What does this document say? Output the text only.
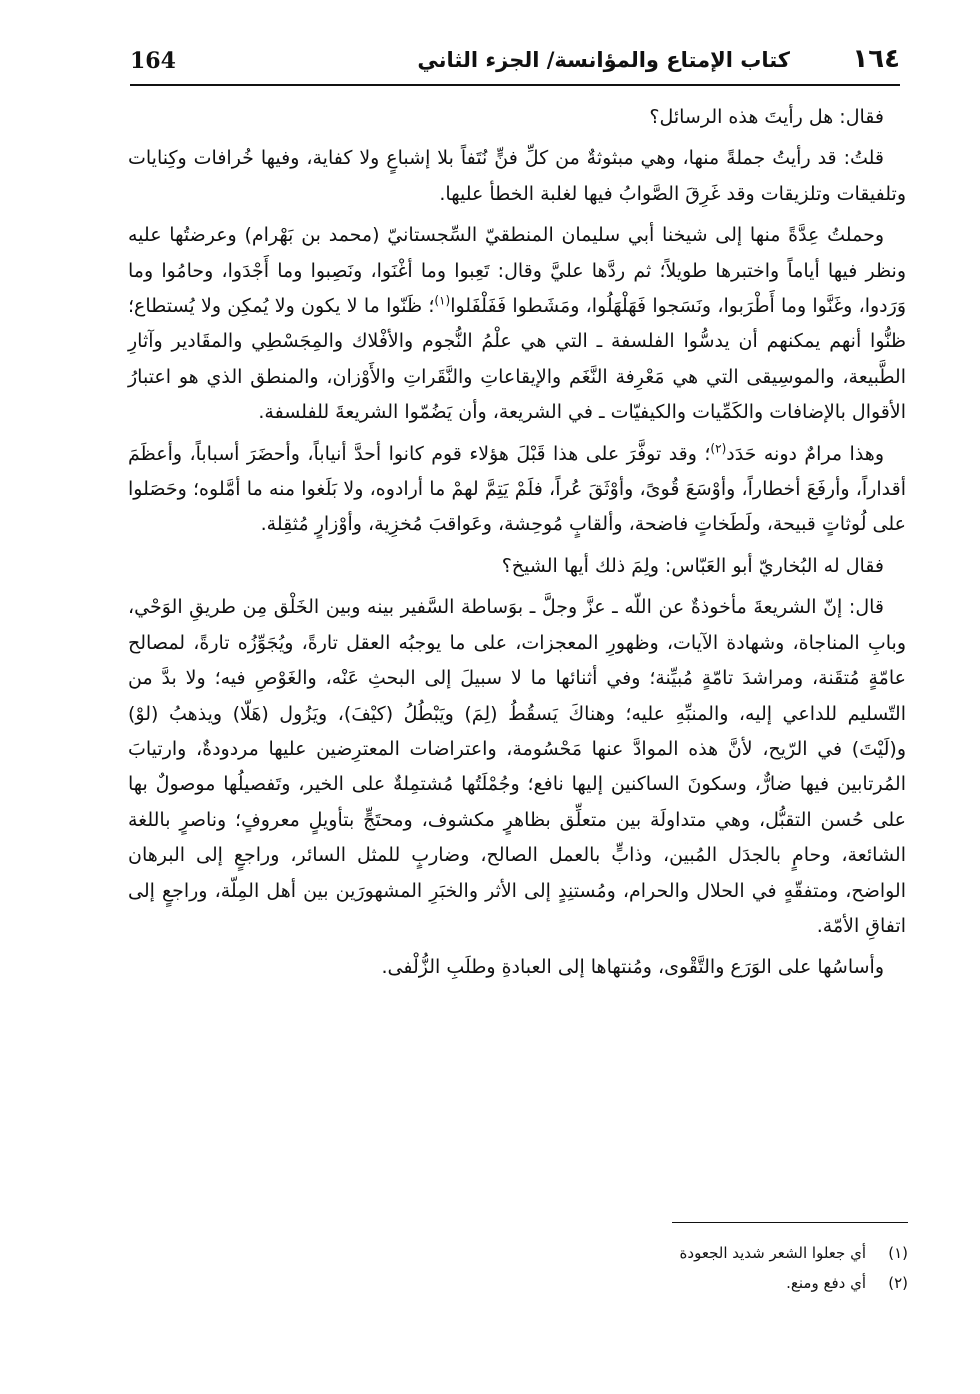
164	كتاب الإمتاع والمؤانسة/ الجزء الثاني ١٦٤

فقال: هل رأيتَ هذه الرسائل؟

قلتُ: قد رأيتُ جملةً منها، وهي مبثوثةٌ من كلِّ فنٍّ نُتَفاً بلا إشباعٍ ولا كفاية، وفيها خُرافات وكِنايات وتلفيقات وتلزيقات وقد غَرِقَ الصَّوابُ فيها لغلبة الخطأ عليها.

وحملتُ عِدَّةً منها إلى شيخنا أبي سليمان المنطقيّ السِّجستانيّ (محمد بن بَهْرام) وعرضتُها عليه ونظر فيها أياماً واختبرها طويلاً؛ ثم ردَّها عليَّ وقال: تَعِبوا وما أغْنَوا، ونَصِبوا وما أَجْدَوا، وحامُوا وما وَرَدوا، وغَنَّوا وما أَطْرَبوا، ونَسَجوا فَهَلْهَلُوا، ومَشَطوا فَفَلْفَلوا$^{(١)}$؛ ظَنّوا ما لا يكون ولا يُمكِن ولا يُستطاع؛ ظنُّوا أنهم يمكنهم أن يدسُّوا الفلسفة ـ التي هي علْمُ النُّجوم والأفْلاك والمِجَسْطِي والمقَادير وآثارِ الطَّبيعة، والموسِيقى التي هي مَعْرِفة النَّغَم والإيقاعاتِ والنَّقَراتِ والأَوْزان، والمنطق الذي هو اعتبارُ الأقوال بالإضافات والكَمِّيات والكيفيّات ـ في الشريعة، وأن يَضُمّوا الشريعةَ للفلسفة.

وهذا مرامٌ دونه حَدَد$^{(٢)}$؛ وقد توفَّرَ على هذا قَبْلَ هؤلاء قوم كانوا أحدَّ أنياباً، وأحضَرَ أسباباً، وأعظَمَ أقداراً، وأرفَعَ أخطاراً، وأوْسَعَ قُوىً، وأوْثَقَ عُراً، فلَمْ يَتِمَّ لهمْ ما أرادوه، ولا بَلَغوا منه ما أمَّلوه؛ وحَصَلوا على لُوثاتٍ قبيحة، ولَطَخاتٍ فاضحة، وألقابٍ مُوحِشة، وعَواقبَ مُخزِية، وأوْزارٍ مُثقِلة.

فقال له البُخاريّ أبو العَبّاس: ولِمَ ذلك أيها الشيخ؟

قال: إنّ الشريعةَ مأخوذةٌ عن اللّه ـ عزَّ وجلَّ ـ بوَساطة السَّفير بينه وبين الخَلْق مِن طريقِ الوَحْي، وبابِ المناجاة، وشهادة الآيات، وظهورِ المعجزات، على ما يوجبُه العقل تارةً، ويُجَوِّزُه تارةً، لمصالح عامّةٍ مُتقَنة، ومراشدَ تامّةٍ مُبيِّنة؛ وفي أثنائها ما لا سبيلَ إلى البحثِ عَنْه، والغَوْصِ فيه؛ ولا بدَّ من التّسليم للداعي إليه، والمنبِّهِ عليه؛ وهناكَ يَسقُطُ (لِمَ) ويَبْطُلُ (كيْفَ)، ويَزُول (هَلّا) ويذهبُ (لوْ) و(لَيْتَ) في الرّيح، لأنَّ هذه الموادَّ عنها مَحْسُومة، واعتراضات المعترِضين عليها مردودةٌ، وارتيابَ المُرتابين فيها ضارٌّ، وسكونَ الساكنين إليها نافع؛ وجُمْلَتُها مُشتمِلةٌ على الخير، وتَفصيلُها موصولٌ بها على حُسن التقبُّل، وهي متداولَة بين متعلِّق بظاهرٍ مكشوف، ومحتَجٍّ بتأويلٍ معروفٍ؛ وناصرٍ باللغة الشائعة، وحامٍ بالجدَل المُبين، وذابٍّ بالعمل الصالح، وضاربٍ للمثل السائر، وراجعٍ إلى البرهان الواضح، ومتفقّهٍ في الحلال والحرام، ومُستنِدٍ إلى الأثر والخبَرِ المشهورَين بين أهل المِلّة، وراجعٍ إلى اتفاقِ الأمّة.

وأساسُها على الوَرَع والتَّقْوى، ومُنتهاها إلى العبادةِ وطلَبِ الزُّلْفى.

(١)
أي جعلوا الشعر شديد الجعودة
(٢)
أي دفع ومنع.
